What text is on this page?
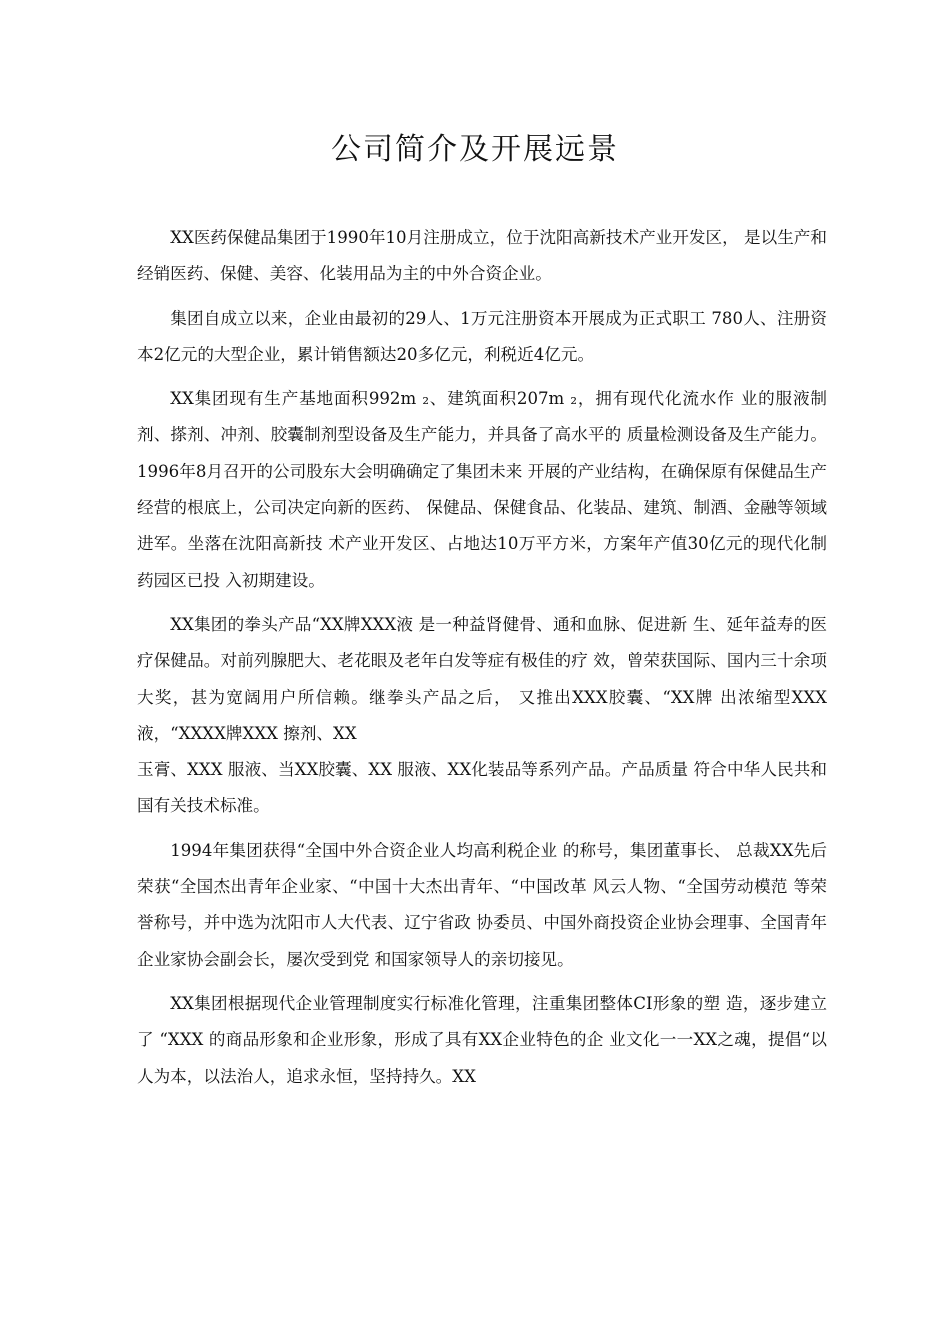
公司简介及开展远景

XX医药保健品集团于1990年10月注册成立，位于沈阳高新技术产业开发区， 是以生产和经销医药、保健、美容、化装用品为主的中外合资企业。

集团自成立以来，企业由最初的29人、1万元注册资本开展成为正式职工 780人、注册资本2亿元的大型企业，累计销售额达20多亿元，利税近4亿元。

XX集团现有生产基地面积992m ₂、建筑面积207m ₂，拥有现代化流水作 业的服液制剂、搽剂、冲剂、胶囊制剂型设备及生产能力，并具备了高水平的 质量检测设备及生产能力。1996年8月召开的公司股东大会明确确定了集团未来 开展的产业结构，在确保原有保健品生产经营的根底上，公司决定向新的医药、 保健品、保健食品、化装品、建筑、制酒、金融等领域进军。坐落在沈阳高新技 术产业开发区、占地达10万平方米，方案年产值30亿元的现代化制药园区已投 入初期建设。

XX集团的拳头产品“XX牌XXX液 是一种益肾健骨、通和血脉、促进新 生、延年益寿的医疗保健品。对前列腺肥大、老花眼及老年白发等症有极佳的疗 效，曾荣获国际、国内三十余项大奖，甚为宽阔用户所信赖。继拳头产品之后， 又推出XXX胶囊、“XX牌 出浓缩型XXX液，“XXXX牌XXX 擦剂、XX

玉膏、XXX 服液、当XX胶囊、XX 服液、XX化装品等系列产品。产品质量 符合中华人民共和国有关技术标准。

1994年集团获得“全国中外合资企业人均高利税企业 的称号，集团董事长、 总裁XX先后荣获“全国杰出青年企业家、“中国十大杰出青年、“中国改革 风云人物、“全国劳动模范 等荣誉称号，并中选为沈阳市人大代表、辽宁省政 协委员、中国外商投资企业协会理事、全国青年企业家协会副会长，屡次受到党 和国家领导人的亲切接见。

XX集团根据现代企业管理制度实行标准化管理，注重集团整体CI形象的塑 造，逐步建立了 “XXX 的商品形象和企业形象，形成了具有XX企业特色的企 业文化一一XX之魂，提倡“以人为本，以法治人，追求永恒，坚持持久。XX
